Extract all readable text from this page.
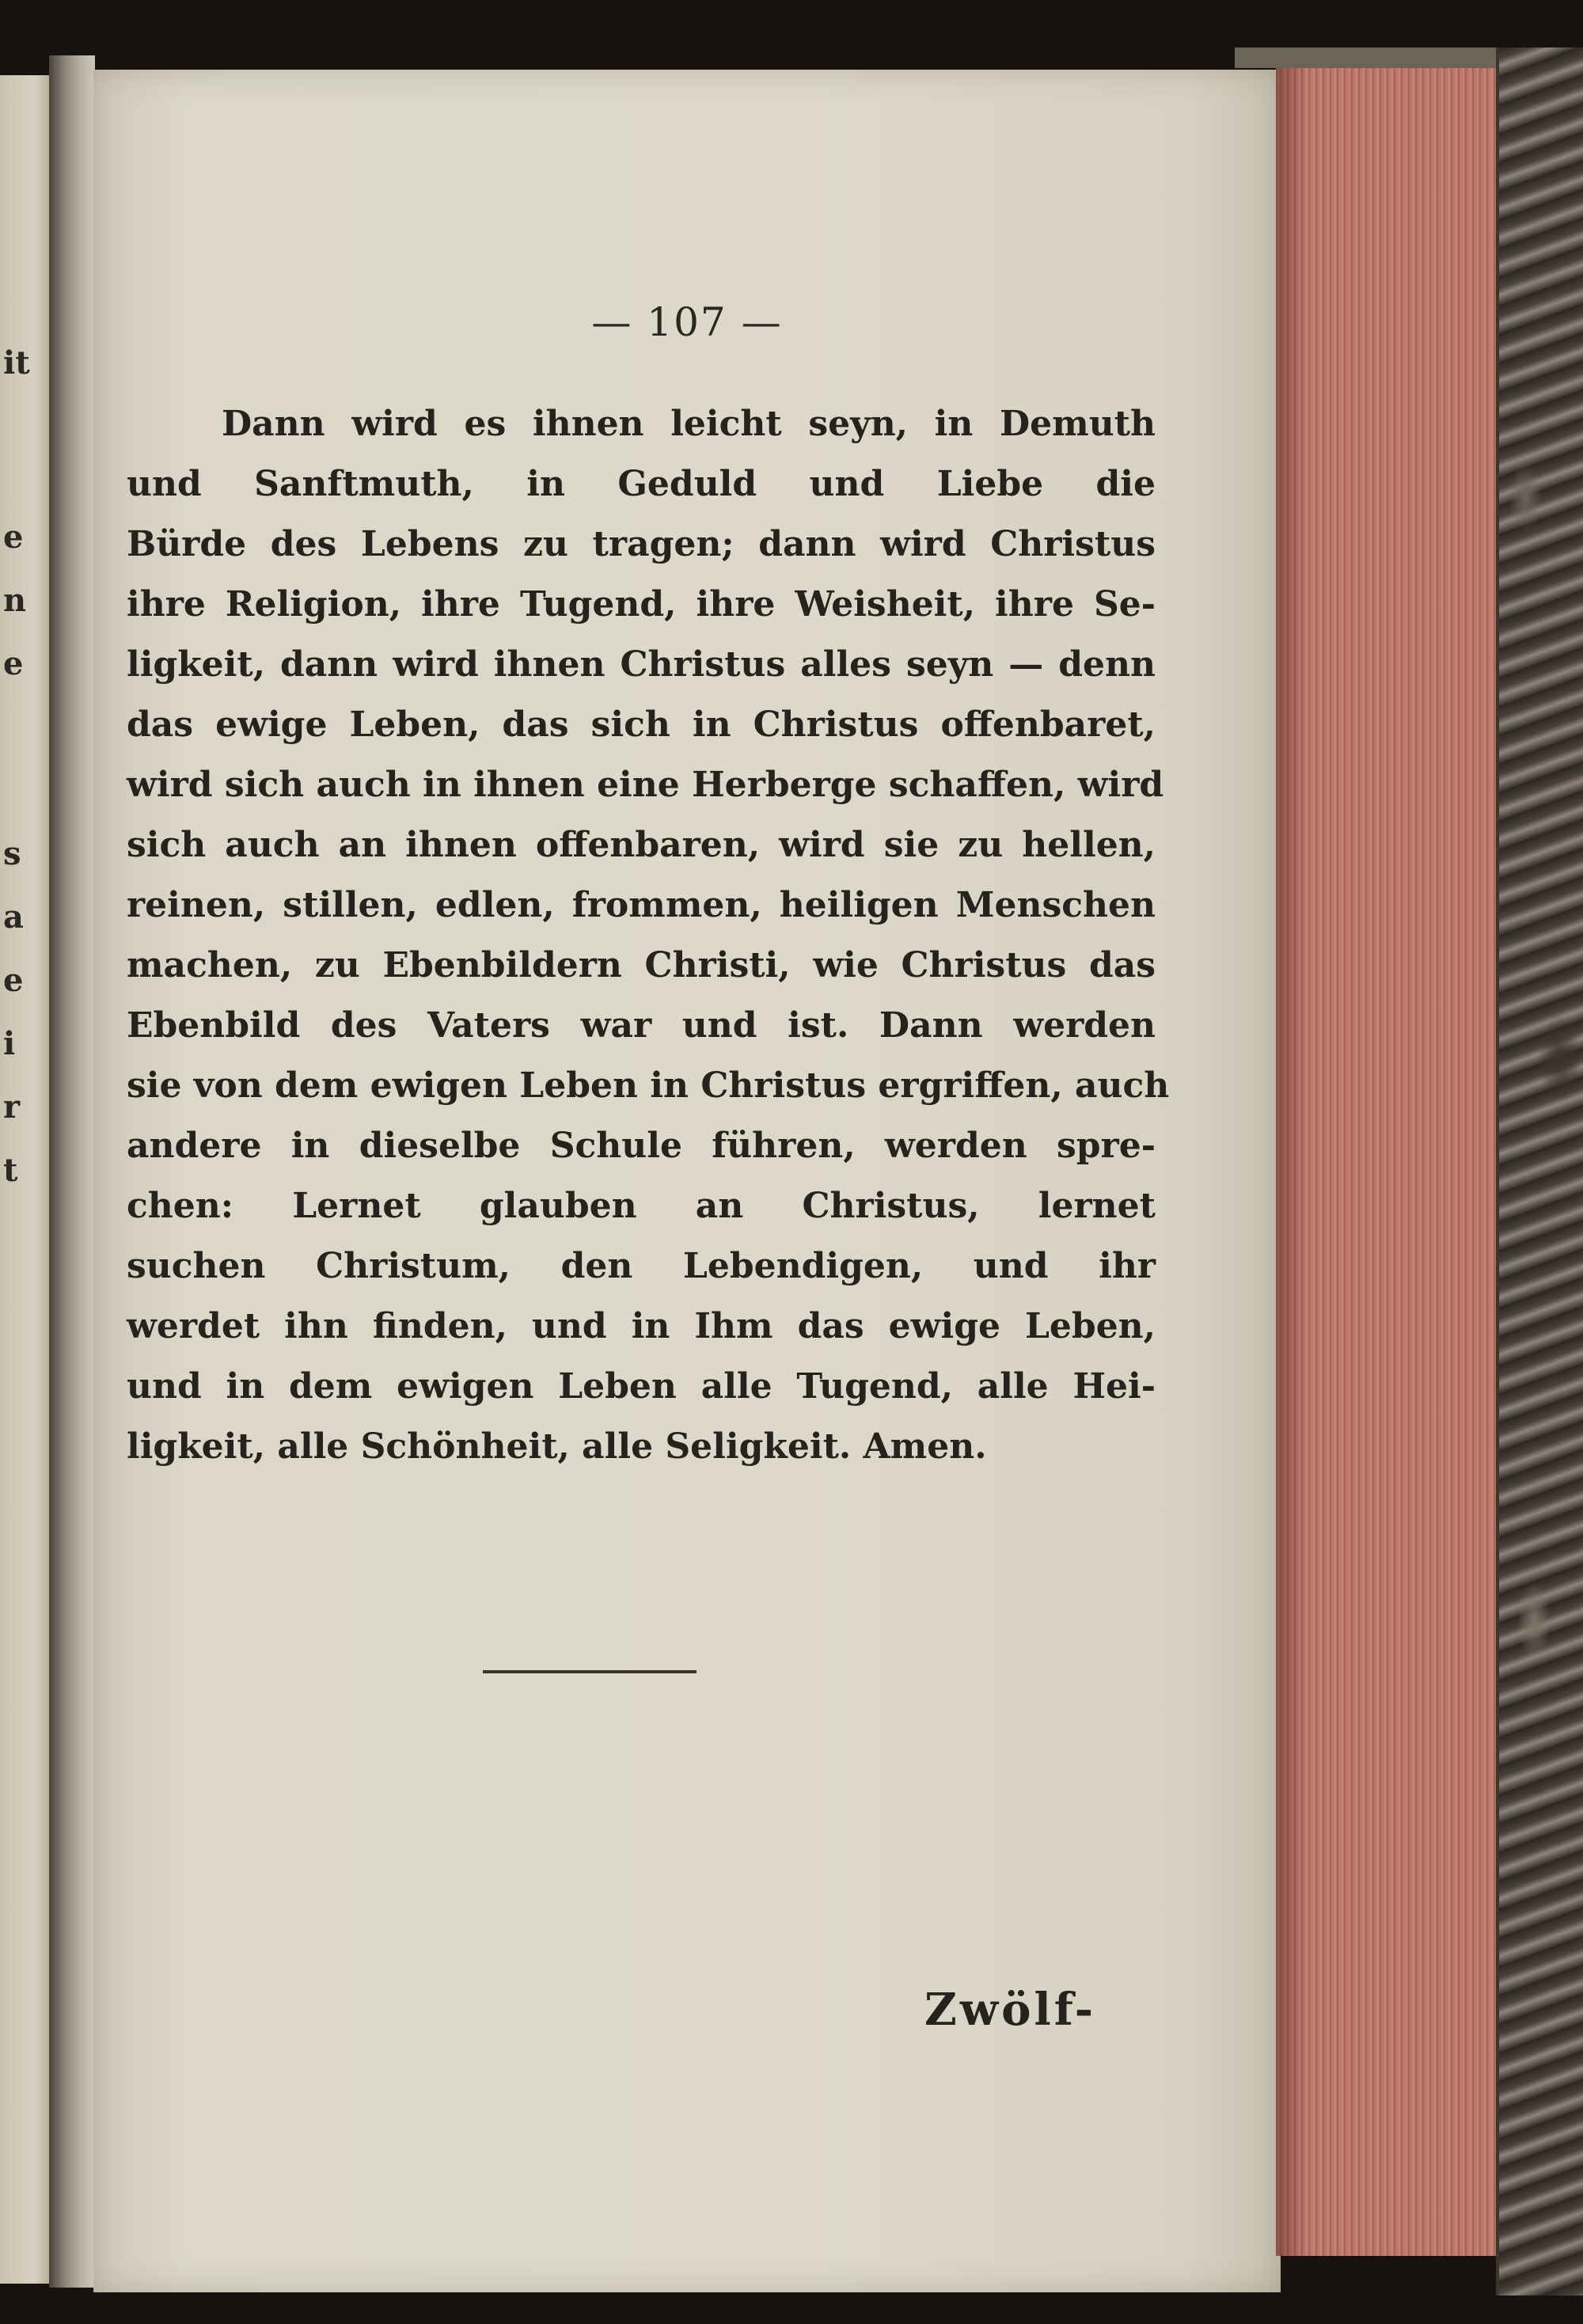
it
e
n
e
s
a
e
i
r
t
— 107 —
Dann wird es ihnen leicht seyn, in Demuth
und Sanftmuth, in Geduld und Liebe die
Bürde des Lebens zu tragen; dann wird Christus
ihre Religion, ihre Tugend, ihre Weisheit, ihre Se-
ligkeit, dann wird ihnen Christus alles seyn — denn
das ewige Leben, das sich in Christus offenbaret,
wird sich auch in ihnen eine Herberge schaffen, wird
sich auch an ihnen offenbaren, wird sie zu hellen,
reinen, stillen, edlen, frommen, heiligen Menschen
machen, zu Ebenbildern Christi, wie Christus das
Ebenbild des Vaters war und ist. Dann werden
sie von dem ewigen Leben in Christus ergriffen, auch
andere in dieselbe Schule führen, werden spre-
chen: Lernet glauben an Christus, lernet
suchen Christum, den Lebendigen, und ihr
werdet ihn finden, und in Ihm das ewige Leben,
und in dem ewigen Leben alle Tugend, alle Hei-
ligkeit, alle Schönheit, alle Seligkeit. Amen.
Zwölf-
